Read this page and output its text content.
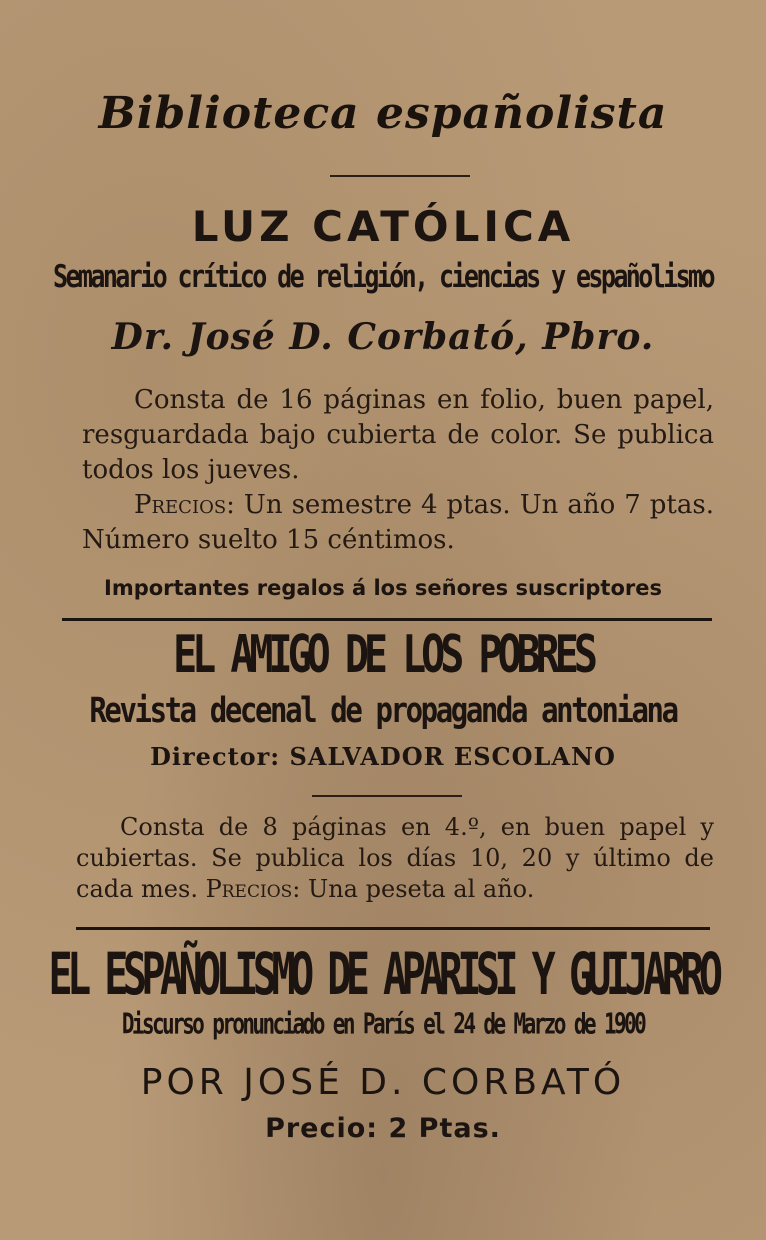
Biblioteca españolista
LUZ CATÓLICA
Semanario crítico de religión, ciencias y españolismo
Dr. José D. Corbató, Pbro.

Consta de 16 páginas en folio, buen papel, resguardada bajo cubierta de color. Se publica todos los jueves.

Precios: Un semestre 4 ptas. Un año 7 ptas. Número suelto 15 céntimos.

Importantes regalos á los señores suscriptores
EL AMIGO DE LOS POBRES
Revista decenal de propaganda antoniana
Director: SALVADOR ESCOLANO

Consta de 8 páginas en 4.º, en buen papel y cubiertas. Se publica los días 10, 20 y último de cada mes. Precios: Una peseta al año.

EL ESPAÑOLISMO DE APARISI Y GUIJARRO
Discurso pronunciado en París el 24 de Marzo de 1900
POR JOSÉ D. CORBATÓ
Precio: 2 Ptas.
